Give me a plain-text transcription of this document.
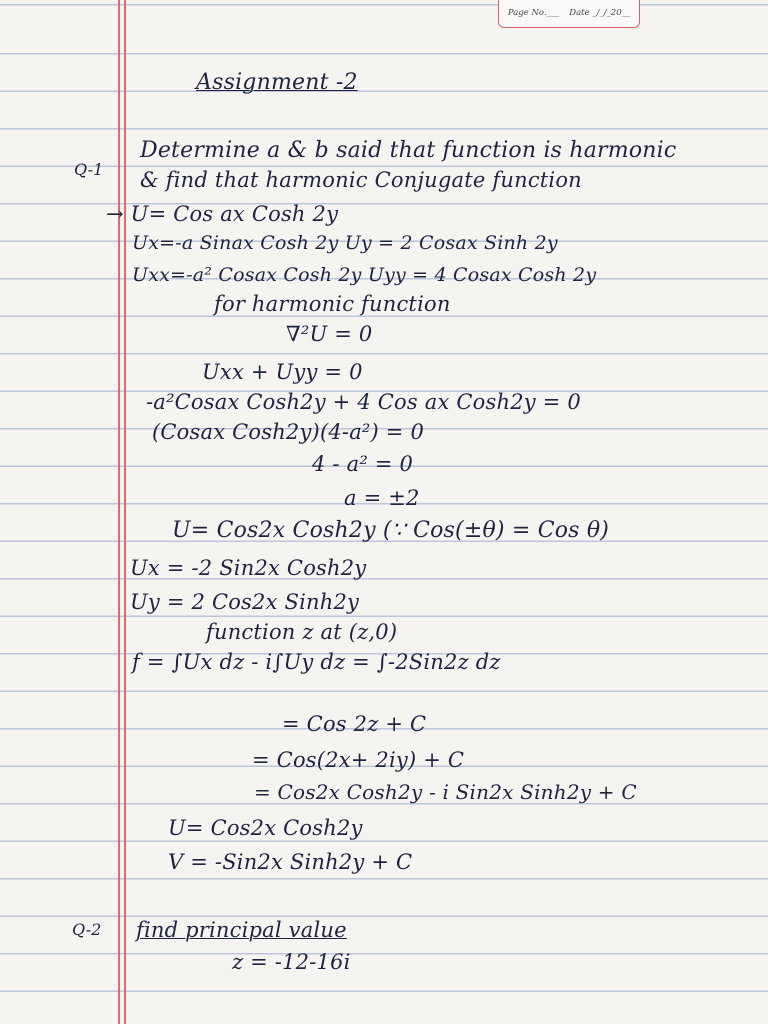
Page No.___ Date _/_/_20__
Assignment -2
Q-1
Determine a & b said that function is harmonic
& find that harmonic Conjugate function
→ U= Cos ax Cosh 2y
Ux=-a Sinax Cosh 2y Uy = 2 Cosax Sinh 2y
Uxx=-a² Cosax Cosh 2y Uyy = 4 Cosax Cosh 2y
for harmonic function
∇²U = 0
Uxx + Uyy = 0
-a²Cosax Cosh2y + 4 Cos ax Cosh2y = 0
(Cosax Cosh2y)(4-a²) = 0
4 - a² = 0
a = ±2
U= Cos2x Cosh2y (∵ Cos(±θ) = Cos θ)
Ux = -2 Sin2x Cosh2y
Uy = 2 Cos2x Sinh2y
function z at (z,0)
f = ∫Ux dz - i∫Uy dz = ∫-2Sin2z dz
= Cos 2z + C
= Cos(2x+ 2iy) + C
= Cos2x Cosh2y - i Sin2x Sinh2y + C
U= Cos2x Cosh2y
V = -Sin2x Sinh2y + C
Q-2 find principal value
z = -12-16i
